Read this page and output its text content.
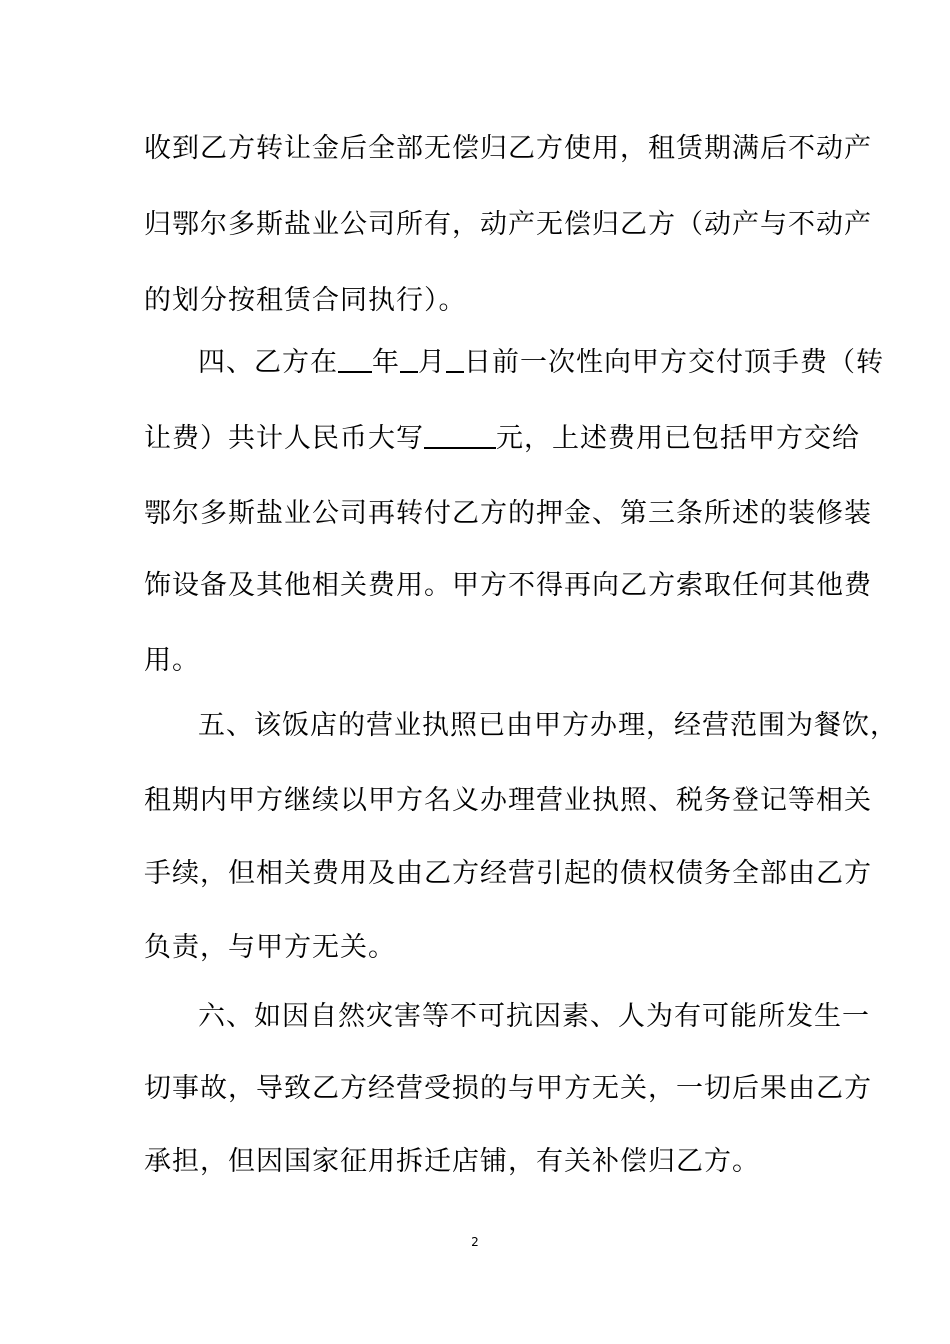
收到乙方转让金后全部无偿归乙方使用，租赁期满后不动产
归鄂尔多斯盐业公司所有，动产无偿归乙方（动产与不动产
的划分按租赁合同执行）。
四、乙方在 年 月 日前一次性向甲方交付顶手费（转
让费）共计人民币大写	元，上述费用已包括甲方交给
鄂尔多斯盐业公司再转付乙方的押金、第三条所述的装修装
饰设备及其他相关费用。甲方不得再向乙方索取任何其他费
用。
五、该饭店的营业执照已由甲方办理，经营范围为餐饮，
租期内甲方继续以甲方名义办理营业执照、税务登记等相关
手续，但相关费用及由乙方经营引起的债权债务全部由乙方
负责，与甲方无关。
六、如因自然灾害等不可抗因素、人为有可能所发生一
切事故，导致乙方经营受损的与甲方无关，一切后果由乙方
承担，但因国家征用拆迁店铺，有关补偿归乙方。
2
